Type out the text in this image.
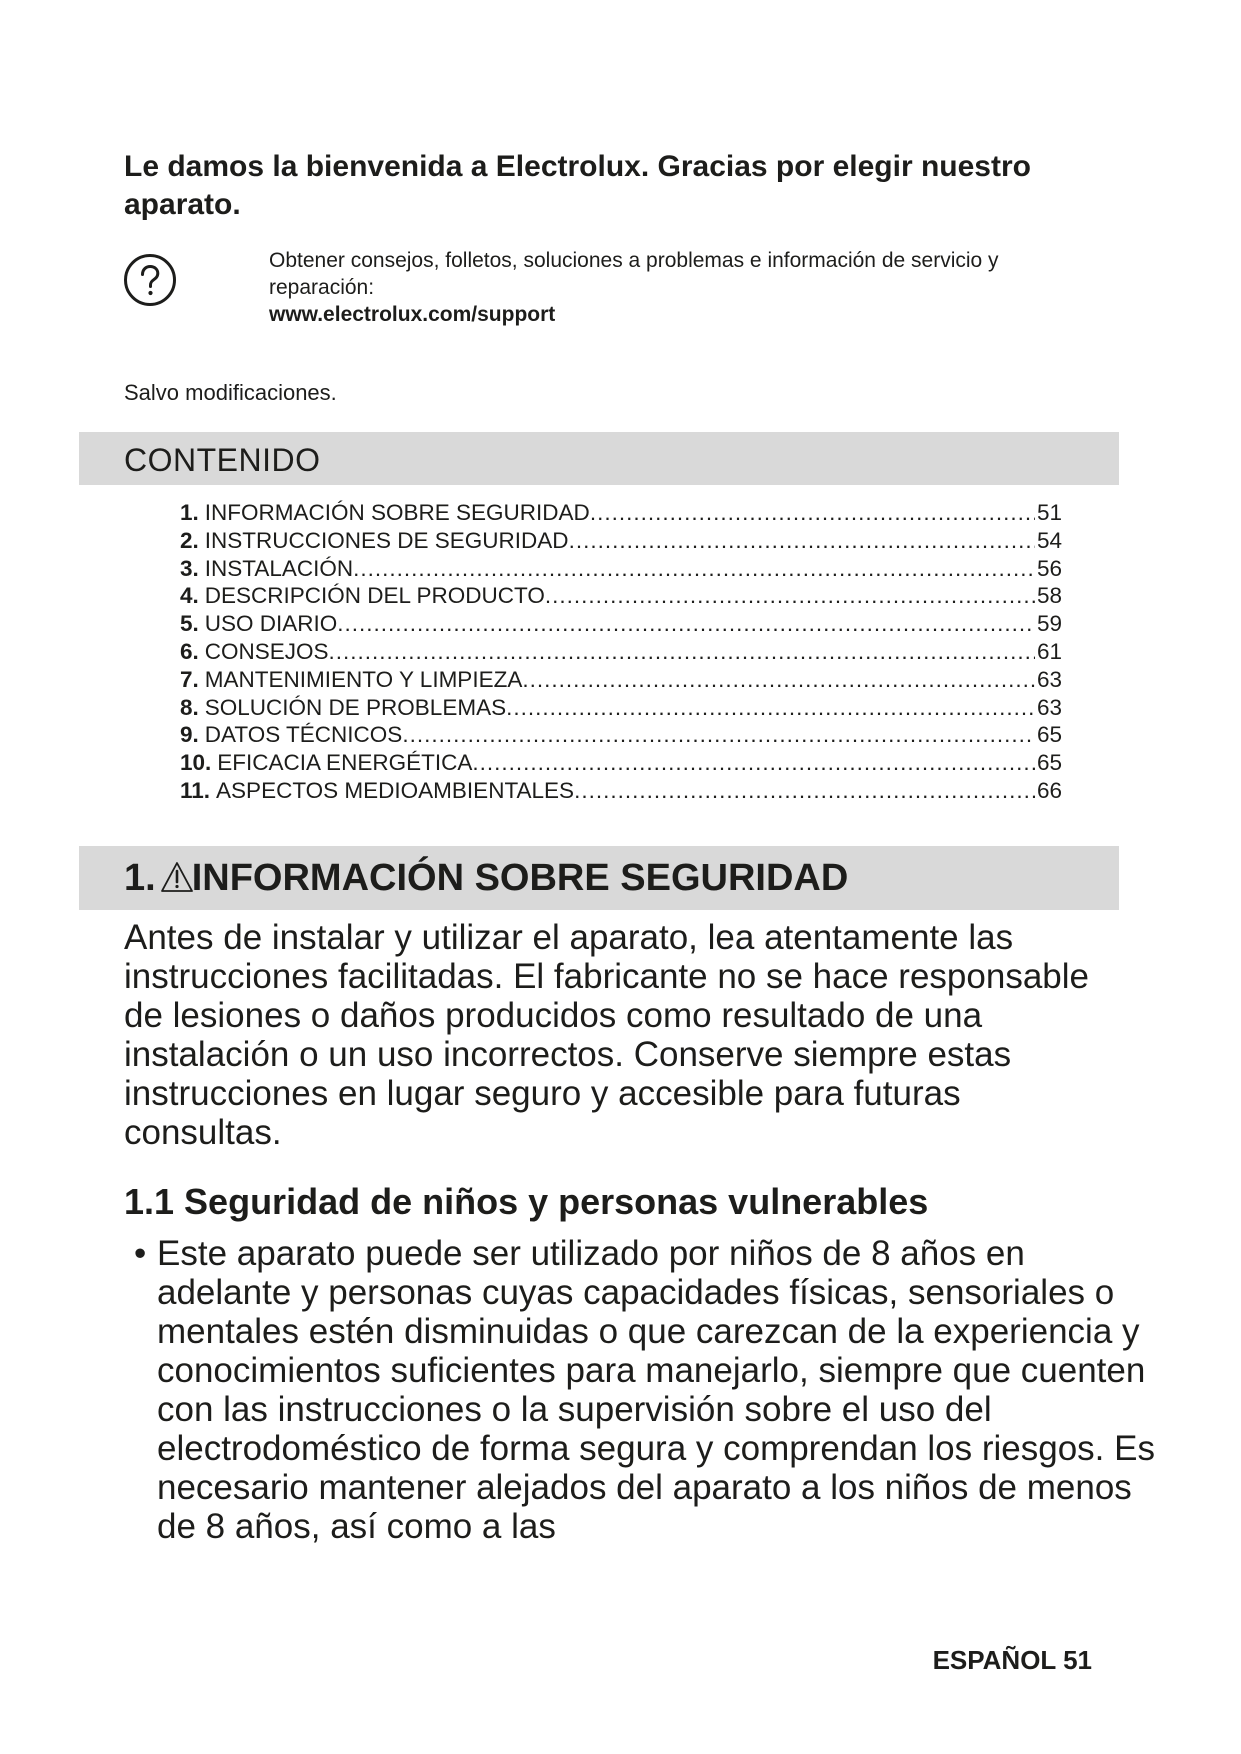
Le damos la bienvenida a Electrolux. Gracias por elegir nuestro aparato.
Obtener consejos, folletos, soluciones a problemas e información de servicio y reparación:
www.electrolux.com/support
Salvo modificaciones.
CONTENIDO
1. INFORMACIÓN SOBRE SEGURIDAD .....	51
2. INSTRUCCIONES DE SEGURIDAD .....	54
3. INSTALACIÓN .....	56
4. DESCRIPCIÓN DEL PRODUCTO .....	58
5. USO DIARIO .....	59
6. CONSEJOS .....	61
7. MANTENIMIENTO Y LIMPIEZA .....	63
8. SOLUCIÓN DE PROBLEMAS .....	63
9. DATOS TÉCNICOS .....	65
10. EFICACIA ENERGÉTICA .....	65
11. ASPECTOS MEDIOAMBIENTALES .....	66
1. INFORMACIÓN SOBRE SEGURIDAD

Antes de instalar y utilizar el aparato, lea atentamente las instrucciones facilitadas. El fabricante no se hace responsable de lesiones o daños producidos como resultado de una instalación o un uso incorrectos. Conserve siempre estas instrucciones en lugar seguro y accesible para futuras consultas.

1.1 Seguridad de niños y personas vulnerables

• Este aparato puede ser utilizado por niños de 8 años en adelante y personas cuyas capacidades físicas, sensoriales o mentales estén disminuidas o que carezcan de la experiencia y conocimientos suficientes para manejarlo, siempre que cuenten con las instrucciones o la supervisión sobre el uso del electrodoméstico de forma segura y comprendan los riesgos. Es necesario mantener alejados del aparato a los niños de menos de 8 años, así como a las

ESPAÑOL 51
